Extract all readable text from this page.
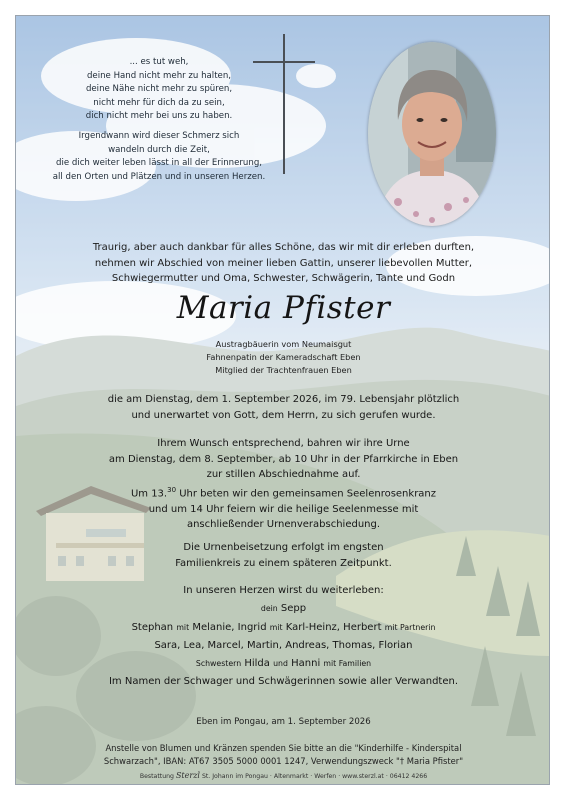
... es tut weh,

deine Hand nicht mehr zu halten,

deine Nähe nicht mehr zu spüren,

nicht mehr für dich da zu sein,

dich nicht mehr bei uns zu haben.

Irgendwann wird dieser Schmerz sich

wandeln durch die Zeit,

die dich weiter leben lässt in all der Erinnerung,

all den Orten und Plätzen und in unseren Herzen.

Traurig, aber auch dankbar für alles Schöne, das wir mit dir erleben durften,
nehmen wir Abschied von meiner lieben Gattin, unserer liebevollen Mutter,
Schwiegermutter und Oma, Schwester, Schwägerin, Tante und Godn
Maria Pfister
Austragbäuerin vom Neumaisgut
Fahnenpatin der Kameradschaft Eben
Mitglied der Trachtenfrauen Eben

die am Dienstag, dem 1. September 2026, im 79. Lebensjahr plötzlich

und unerwartet von Gott, dem Herrn, zu sich gerufen wurde.

Ihrem Wunsch entsprechend, bahren wir ihre Urne

am Dienstag, dem 8. September, ab 10 Uhr in der Pfarrkirche in Eben

zur stillen Abschiednahme auf.

Um 13.30 Uhr beten wir den gemeinsamen Seelenrosenkranz

und um 14 Uhr feiern wir die heilige Seelenmesse mit

anschließender Urnenverabschiedung.

Die Urnenbeisetzung erfolgt im engsten

Familienkreis zu einem späteren Zeitpunkt.

In unseren Herzen wirst du weiterleben:

dein Sepp

Stephan mit Melanie, Ingrid mit Karl-Heinz, Herbert mit Partnerin

Sara, Lea, Marcel, Martin, Andreas, Thomas, Florian

Schwestern Hilda und Hanni mit Familien

Im Namen der Schwager und Schwägerinnen sowie aller Verwandten.

Eben im Pongau, am 1. September 2026

Anstelle von Blumen und Kränzen spenden Sie bitte an die "Kinderhilfe - Kinderspital

Schwarzach", IBAN: AT67 3505 5000 0001 1247, Verwendungszweck "† Maria Pfister"

Bestattung Sterzl St. Johann im Pongau · Altenmarkt · Werfen · www.sterzl.at · 06412 4266
